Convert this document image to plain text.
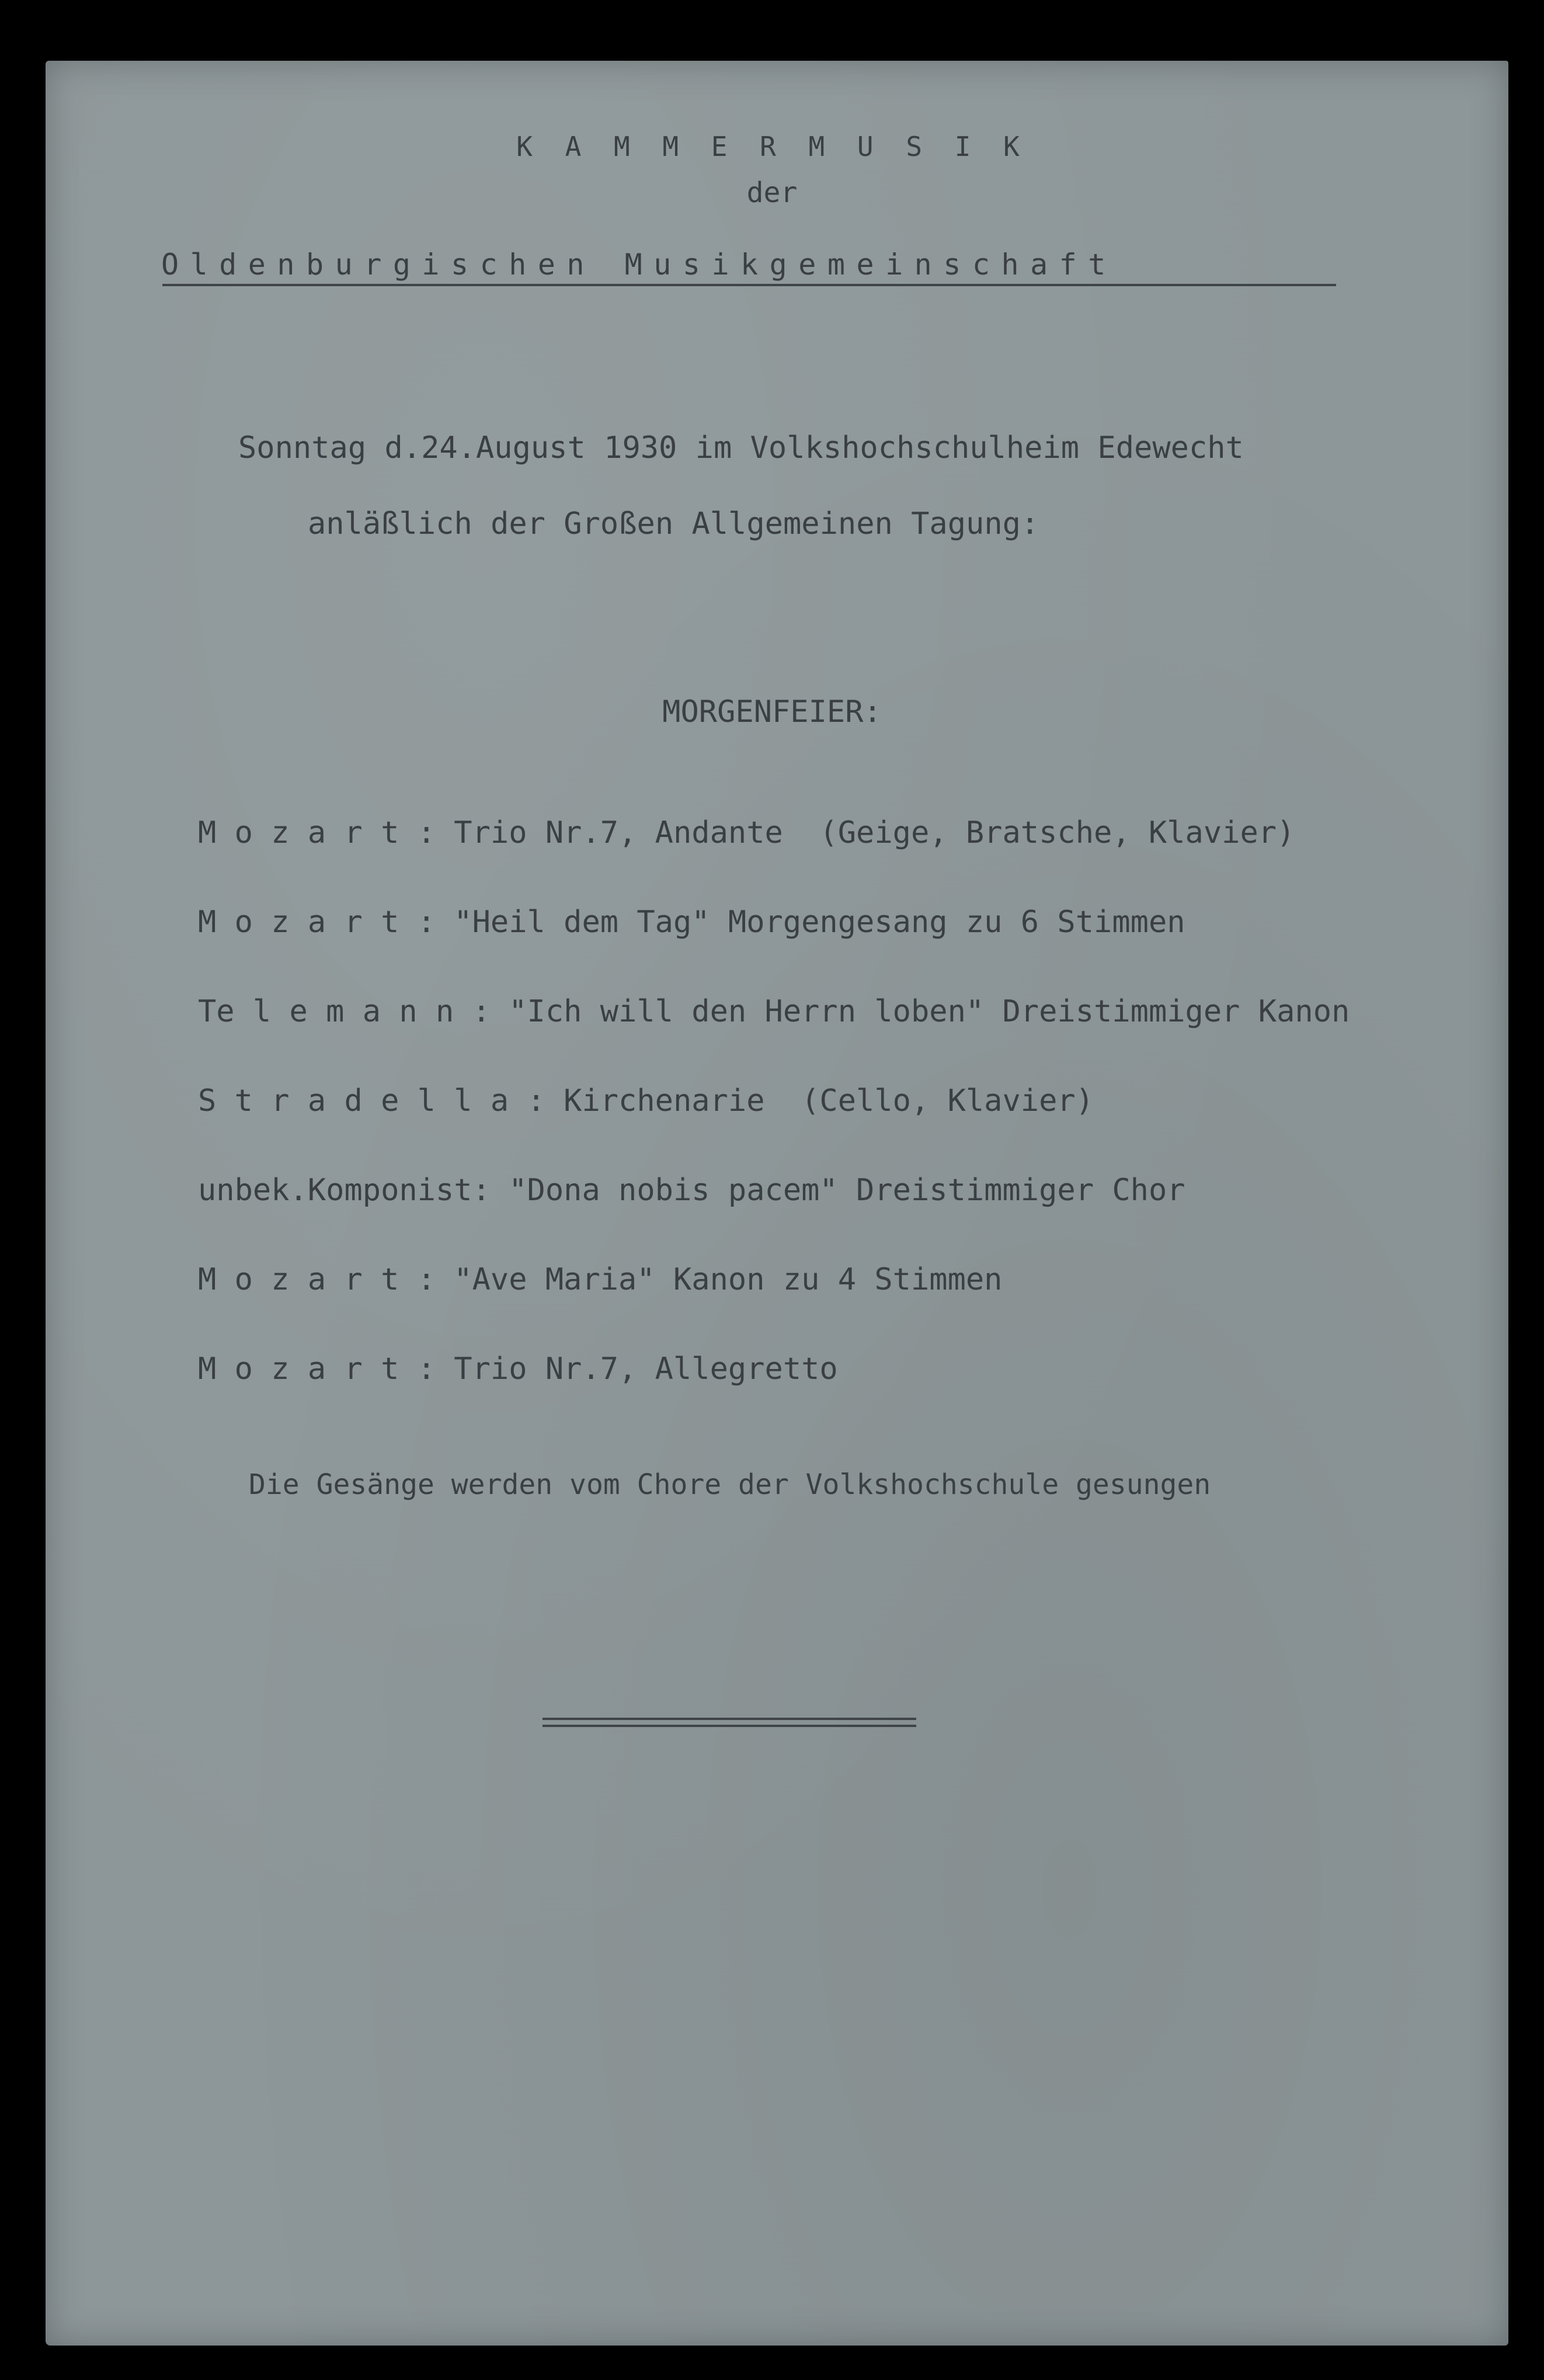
K A M M E R M U S I K
der
Oldenburgischen Musikgemeinschaft
Sonntag d.24.August 1930 im Volkshochschulheim Edewecht
anläßlich der Großen Allgemeinen Tagung:
MORGENFEIER:
M o z a r t : Trio Nr.7, Andante  (Geige, Bratsche, Klavier)
M o z a r t : "Heil dem Tag" Morgengesang zu 6 Stimmen
Te l e m a n n : "Ich will den Herrn loben" Dreistimmiger Kanon
S t r a d e l l a : Kirchenarie  (Cello, Klavier)
unbek.Komponist: "Dona nobis pacem" Dreistimmiger Chor
M o z a r t : "Ave Maria" Kanon zu 4 Stimmen
M o z a r t : Trio Nr.7, Allegretto
Die Gesänge werden vom Chore der Volkshochschule gesungen
